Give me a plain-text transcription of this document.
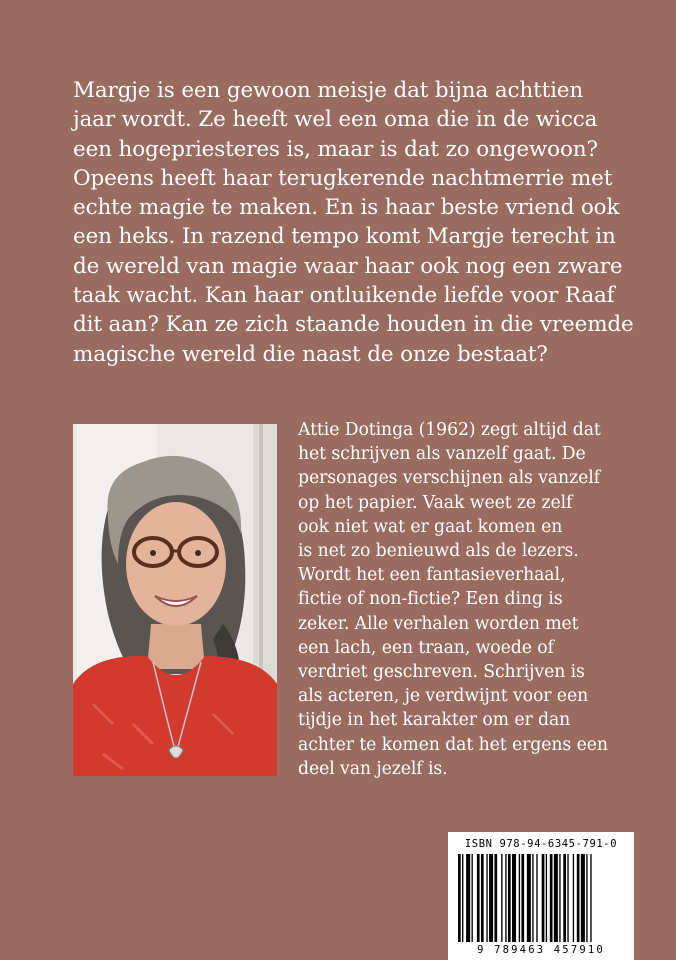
Margje is een gewoon meisje dat bijna achttien
jaar wordt. Ze heeft wel een oma die in de wicca
een hogepriesteres is, maar is dat zo ongewoon?
Opeens heeft haar terugkerende nachtmerrie met
echte magie te maken. En is haar beste vriend ook
een heks. In razend tempo komt Margje terecht in
de wereld van magie waar haar ook nog een zware
taak wacht. Kan haar ontluikende liefde voor Raaf
dit aan? Kan ze zich staande houden in die vreemde
magische wereld die naast de onze bestaat?
Attie Dotinga (1962) zegt altijd dat
het schrijven als vanzelf gaat. De
personages verschijnen als vanzelf
op het papier. Vaak weet ze zelf
ook niet wat er gaat komen en
is net zo benieuwd als de lezers.
Wordt het een fantasieverhaal,
fictie of non-fictie? Een ding is
zeker. Alle verhalen worden met
een lach, een traan, woede of
verdriet geschreven. Schrijven is
als acteren, je verdwijnt voor een
tijdje in het karakter om er dan
achter te komen dat het ergens een
deel van jezelf is.
ISBN 978-94-6345-791-0
9 789463 457910
